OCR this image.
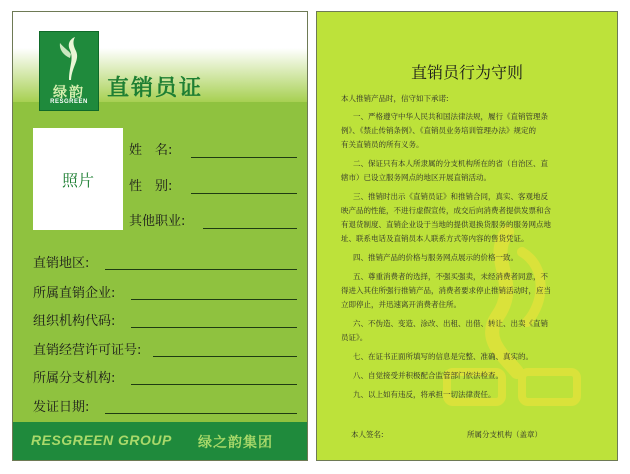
绿韵
RESGREEN
直销员证
照片
姓　名:
性　别:
其他职业:
直销地区:
所属直销企业:
组织机构代码:
直销经营许可证号:
所属分支机构:
发证日期:
RESGREEN GROUP 绿之韵集团
直销员行为守则
本人推销产品时，信守如下承诺:
一、严格遵守中华人民共和国法律法规，履行《直销管理条
例》、《禁止传销条例》、《直销员业务培训管理办法》规定的
有关直销员的所有义务。
二、保证只有本人所隶属的分支机构所在的省（自治区、直
辖市）已设立服务网点的地区开展直销活动。
三、推销时出示《直销员证》和推销合同，真实、客观地反
映产品的性能，不进行虚假宣传，成交后向消费者提供发票和含
有退货制度、直销企业设于当地的提供退换货服务的服务网点地
址、联系电话及直销员本人联系方式等内容的售货凭证。
四、推销产品的价格与服务网点展示的价格一致。
五、尊重消费者的选择，不强买强卖，未经消费者同意，不
得进入其住所强行推销产品，消费者要求停止推销活动时，应当
立即停止，并迅速离开消费者住所。
六、不伪造、变造、涂改、出租、出借、转让、出卖《直销
员证》。
七、在证书正面所填写的信息是完整、准确、真实的。
八、自觉接受并积极配合监管部门依法检查。
九、以上如有违反，将承担一切法律责任。
本人签名:	所属分支机构（盖章）
